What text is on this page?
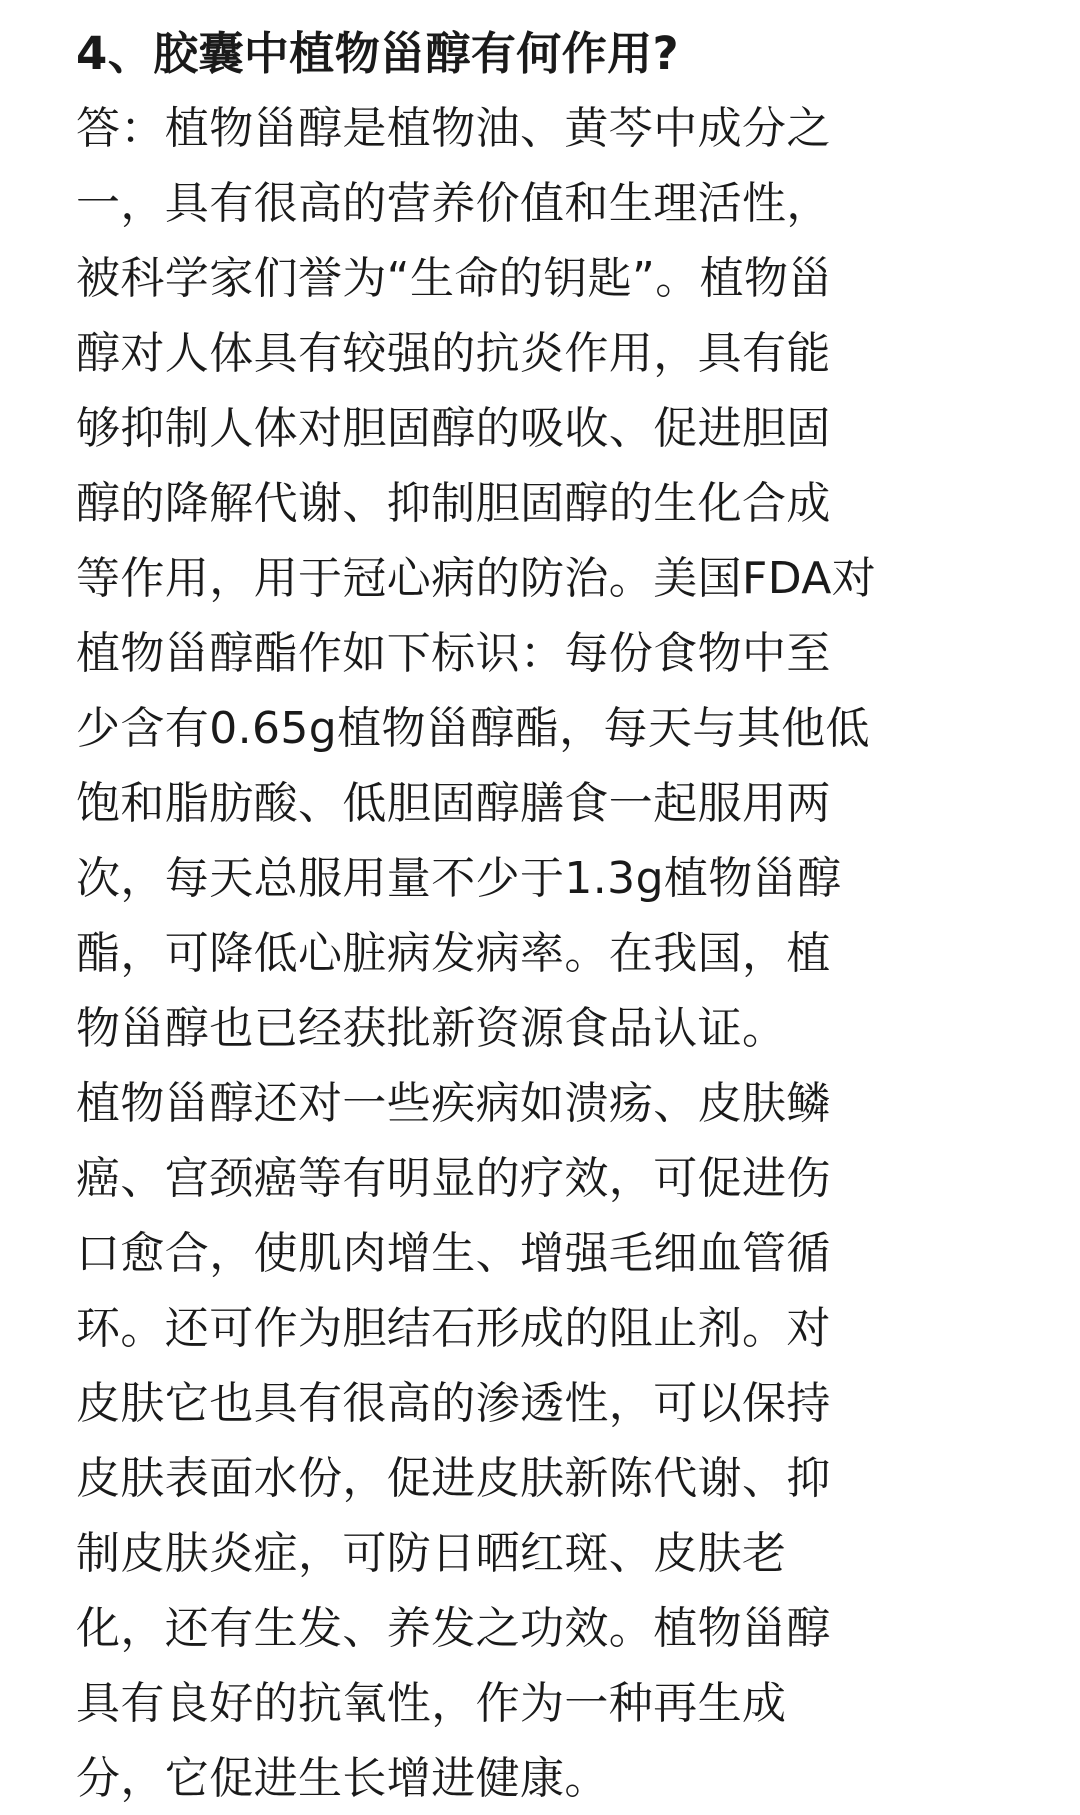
4、胶囊中植物甾醇有何作用?
答：植物甾醇是植物油、黄芩中成分之
一，具有很高的营养价值和生理活性，
被科学家们誉为“生命的钥匙”。植物甾
醇对人体具有较强的抗炎作用，具有能
够抑制人体对胆固醇的吸收、促进胆固
醇的降解代谢、抑制胆固醇的生化合成
等作用，用于冠心病的防治。美国FDA对
植物甾醇酯作如下标识：每份食物中至
少含有0.65g植物甾醇酯，每天与其他低
饱和脂肪酸、低胆固醇膳食一起服用两
次，每天总服用量不少于1.3g植物甾醇
酯，可降低心脏病发病率。在我国，植
物甾醇也已经获批新资源食品认证。
植物甾醇还对一些疾病如溃疡、皮肤鳞
癌、宫颈癌等有明显的疗效，可促进伤
口愈合，使肌肉增生、增强毛细血管循
环。还可作为胆结石形成的阻止剂。对
皮肤它也具有很高的渗透性，可以保持
皮肤表面水份，促进皮肤新陈代谢、抑
制皮肤炎症，可防日晒红斑、皮肤老
化，还有生发、养发之功效。植物甾醇
具有良好的抗氧性，作为一种再生成
分，它促进生长增进健康。
